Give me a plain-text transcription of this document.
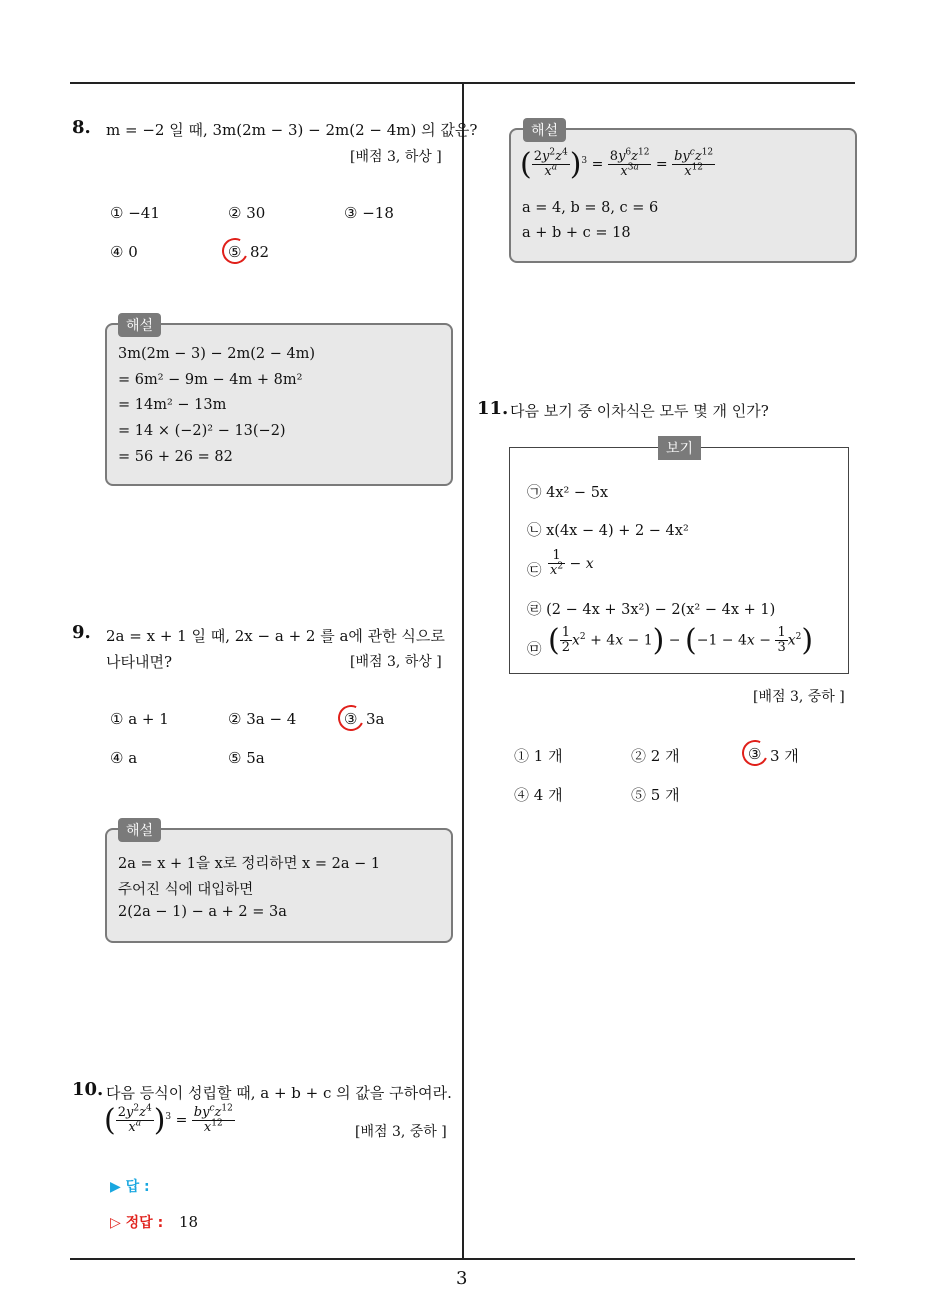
3
8. m = −2 일 때, 3m(2m − 3) − 2m(2 − 4m) 의 값은?
[배점 3, 하상 ]
① −41	② 30	③ −18
④ 0	⑤ 82
해설
3m(2m − 3) − 2m(2 − 4m)
= 6m² − 9m − 4m + 8m²
= 14m² − 13m
= 14 × (−2)² − 13(−2)
= 56 + 26 = 82
9. 2a = x + 1 일 때, 2x − a + 2 를 a에 관한 식으로
나타내면?	[배점 3, 하상 ]
① a + 1	② 3a − 4	③ 3a
④ a	⑤ 5a
해설
2a = x + 1을 x로 정리하면 x = 2a − 1
주어진 식에 대입하면
2(2a − 1) − a + 2 = 3a
10. 다음 등식이 성립할 때, a + b + c 의 값을 구하여라.
( $\frac{2y^2z^4}{x^a} )^3 = \frac{by^cz^{12}}{x^{12}}$	[배점 3, 중하 ]
▶ 답 :
▷ 정답 : 18
해설
( $\frac{2y^2z^4}{x^a} )^3 = \frac{8y^6z^{12}}{x^{3a}} = \frac{by^cz^{12}}{x^{12}}$
a = 4, b = 8, c = 6
a + b + c = 18
11. 다음 보기 중 이차식은 모두 몇 개 인가?
보기
㉠ 4x² − 5x
㉡ x(4x − 4) + 2 − 4x²
㉢ $\frac{1}{x^2} - x$
㉣ (2 − 4x + 3x²) − 2(x² − 4x + 1)
㉤ ( $\frac{1}{2} x^2 + 4x - 1) - (-1 - 4x - \frac{1}{3} x^2)$
[배점 3, 중하 ]
① 1 개	② 2 개	③ 3 개
④ 4 개	⑤ 5 개
